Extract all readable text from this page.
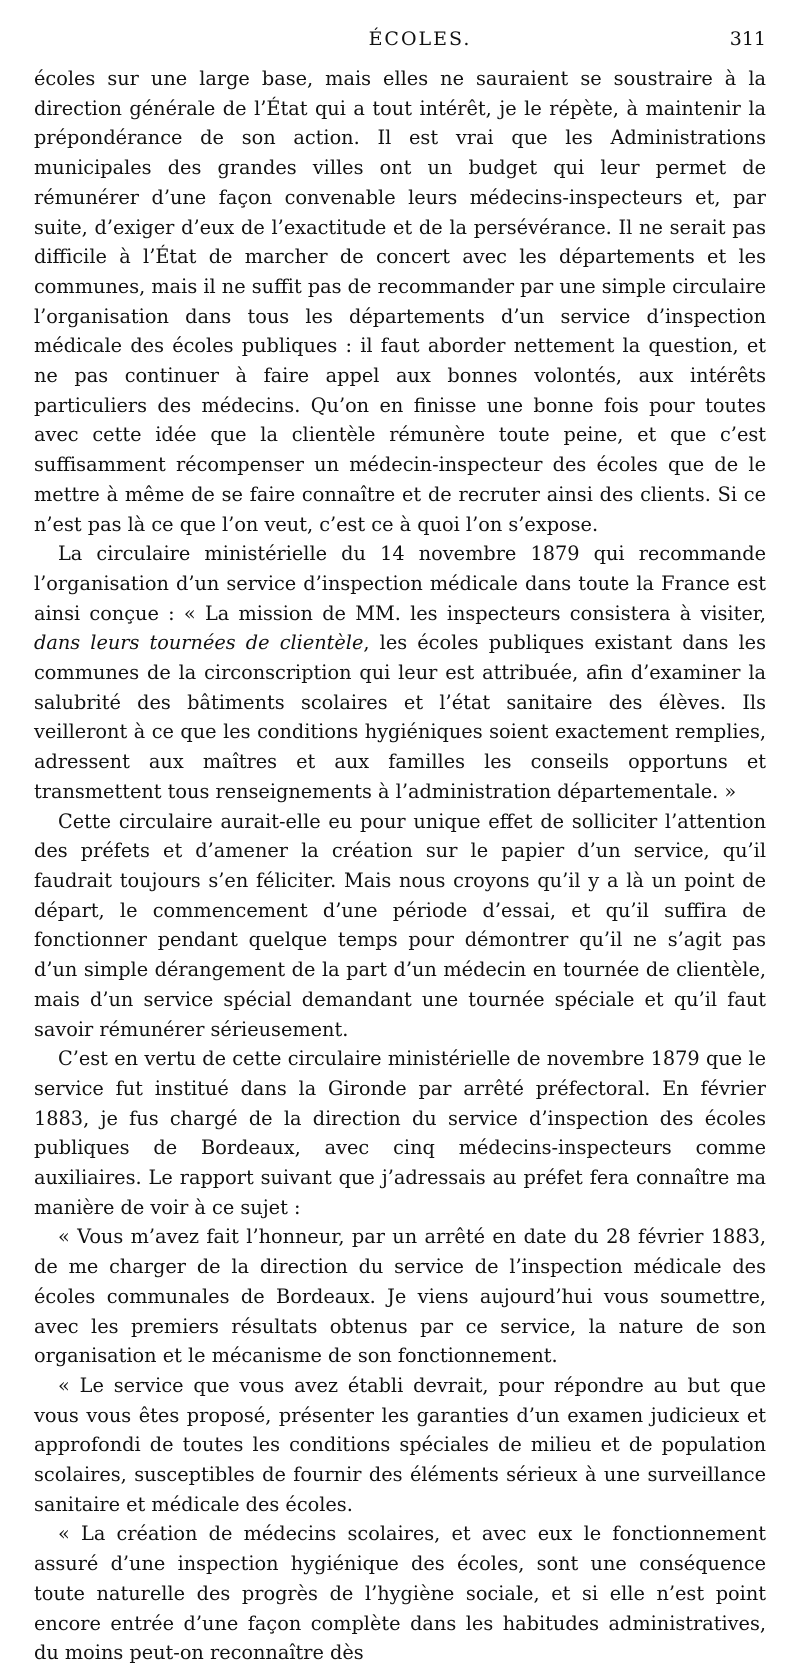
ÉCOLES.	311

écoles sur une large base, mais elles ne sauraient se soustraire à la direction générale de l’État qui a tout intérêt, je le répète, à maintenir la prépondérance de son action. Il est vrai que les Administrations municipales des grandes villes ont un budget qui leur permet de rémunérer d’une façon convenable leurs médecins-inspecteurs et, par suite, d’exiger d’eux de l’exactitude et de la persévérance. Il ne serait pas difficile à l’État de marcher de concert avec les départements et les communes, mais il ne suffit pas de recommander par une simple circulaire l’organisation dans tous les départements d’un service d’inspection médicale des écoles publiques : il faut aborder nettement la question, et ne pas continuer à faire appel aux bonnes volontés, aux intérêts particuliers des médecins. Qu’on en finisse une bonne fois pour toutes avec cette idée que la clientèle rémunère toute peine, et que c’est suffisamment récompenser un médecin-inspecteur des écoles que de le mettre à même de se faire connaître et de recruter ainsi des clients. Si ce n’est pas là ce que l’on veut, c’est ce à quoi l’on s’expose.

La circulaire ministérielle du 14 novembre 1879 qui recommande l’organisation d’un service d’inspection médicale dans toute la France est ainsi conçue : « La mission de MM. les inspecteurs consistera à visiter, dans leurs tournées de clientèle, les écoles publiques existant dans les communes de la circonscription qui leur est attribuée, afin d’examiner la salubrité des bâtiments scolaires et l’état sanitaire des élèves. Ils veilleront à ce que les conditions hygiéniques soient exactement remplies, adressent aux maîtres et aux familles les conseils opportuns et transmettent tous renseignements à l’administration départementale. »

Cette circulaire aurait-elle eu pour unique effet de solliciter l’attention des préfets et d’amener la création sur le papier d’un service, qu’il faudrait toujours s’en féliciter. Mais nous croyons qu’il y a là un point de départ, le commencement d’une période d’essai, et qu’il suffira de fonctionner pendant quelque temps pour démontrer qu’il ne s’agit pas d’un simple dérangement de la part d’un médecin en tournée de clientèle, mais d’un service spécial demandant une tournée spéciale et qu’il faut savoir rémunérer sérieusement.

C’est en vertu de cette circulaire ministérielle de novembre 1879 que le service fut institué dans la Gironde par arrêté préfectoral. En février 1883, je fus chargé de la direction du service d’inspection des écoles publiques de Bordeaux, avec cinq médecins-inspecteurs comme auxiliaires. Le rapport suivant que j’adressais au préfet fera connaître ma manière de voir à ce sujet :

« Vous m’avez fait l’honneur, par un arrêté en date du 28 février 1883, de me charger de la direction du service de l’inspection médicale des écoles communales de Bordeaux. Je viens aujourd’hui vous soumettre, avec les premiers résultats obtenus par ce service, la nature de son organisation et le mécanisme de son fonctionnement.

« Le service que vous avez établi devrait, pour répondre au but que vous vous êtes proposé, présenter les garanties d’un examen judicieux et approfondi de toutes les conditions spéciales de milieu et de population scolaires, susceptibles de fournir des éléments sérieux à une surveillance sanitaire et médicale des écoles.

« La création de médecins scolaires, et avec eux le fonctionnement assuré d’une inspection hygiénique des écoles, sont une conséquence toute naturelle des progrès de l’hygiène sociale, et si elle n’est point encore entrée d’une façon complète dans les habitudes administratives, du moins peut-on reconnaître dès
